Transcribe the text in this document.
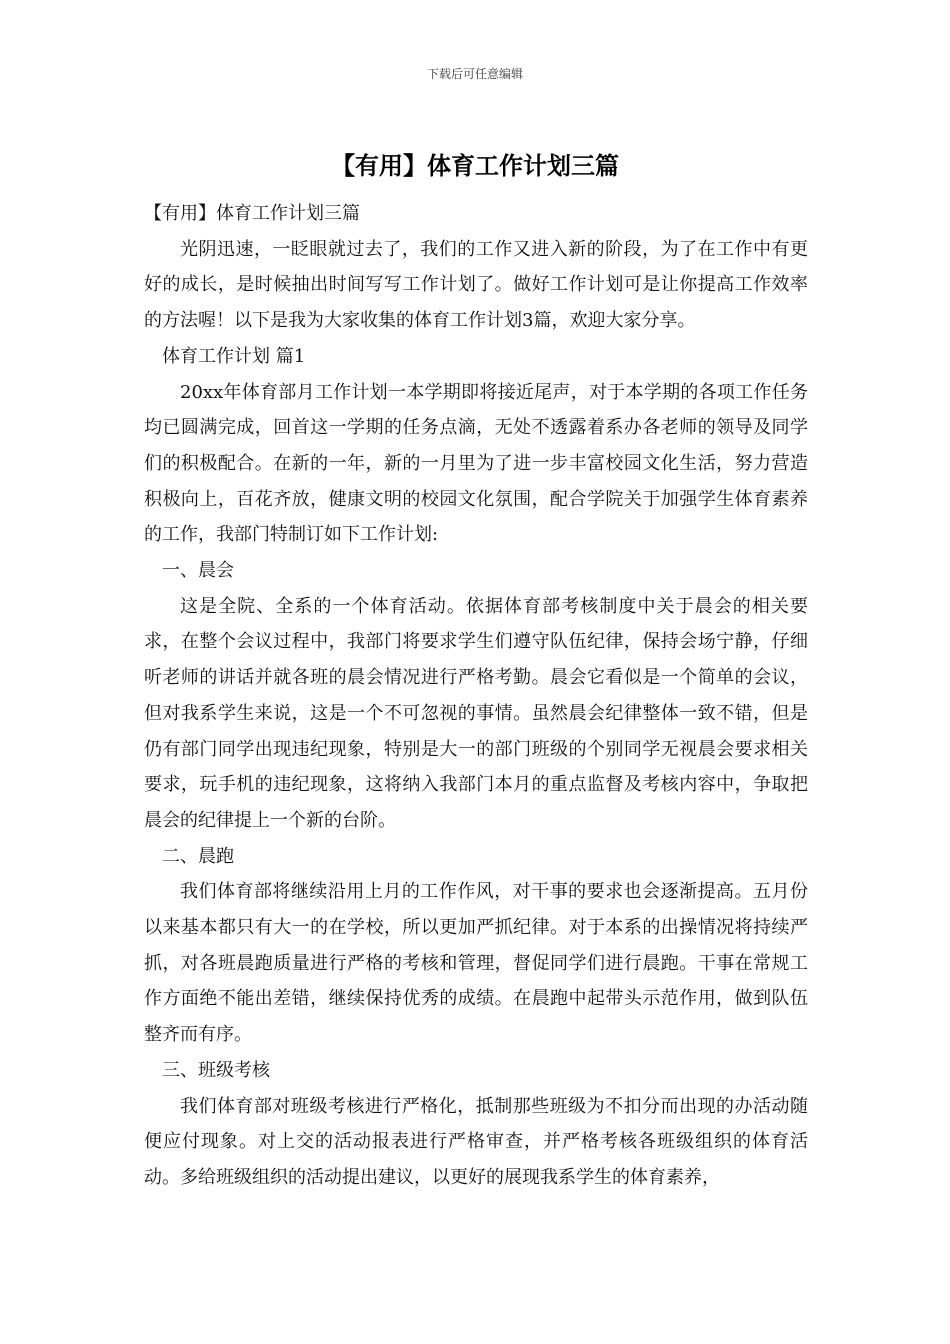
下载后可任意编辑
【有用】体育工作计划三篇

【有用】体育工作计划三篇

光阴迅速，一眨眼就过去了，我们的工作又进入新的阶段，为了在工作中有更好的成长，是时候抽出时间写写工作计划了。做好工作计划可是让你提高工作效率的方法喔！以下是我为大家收集的体育工作计划3篇，欢迎大家分享。

体育工作计划 篇1

20xx年体育部月工作计划一本学期即将接近尾声，对于本学期的各项工作任务均已圆满完成，回首这一学期的任务点滴，无处不透露着系办各老师的领导及同学们的积极配合。在新的一年，新的一月里为了进一步丰富校园文化生活，努力营造积极向上，百花齐放，健康文明的校园文化氛围，配合学院关于加强学生体育素养的工作，我部门特制订如下工作计划:

一、晨会

这是全院、全系的一个体育活动。依据体育部考核制度中关于晨会的相关要求，在整个会议过程中，我部门将要求学生们遵守队伍纪律，保持会场宁静，仔细听老师的讲话并就各班的晨会情况进行严格考勤。晨会它看似是一个简单的会议，但对我系学生来说，这是一个不可忽视的事情。虽然晨会纪律整体一致不错，但是仍有部门同学出现违纪现象，特别是大一的部门班级的个别同学无视晨会要求相关要求，玩手机的违纪现象，这将纳入我部门本月的重点监督及考核内容中，争取把晨会的纪律提上一个新的台阶。

二、晨跑

我们体育部将继续沿用上月的工作作风，对干事的要求也会逐渐提高。五月份以来基本都只有大一的在学校，所以更加严抓纪律。对于本系的出操情况将持续严抓，对各班晨跑质量进行严格的考核和管理，督促同学们进行晨跑。干事在常规工作方面绝不能出差错，继续保持优秀的成绩。在晨跑中起带头示范作用，做到队伍整齐而有序。

三、班级考核

我们体育部对班级考核进行严格化，抵制那些班级为不扣分而出现的办活动随便应付现象。对上交的活动报表进行严格审查，并严格考核各班级组织的体育活动。多给班级组织的活动提出建议，以更好的展现我系学生的体育素养，
